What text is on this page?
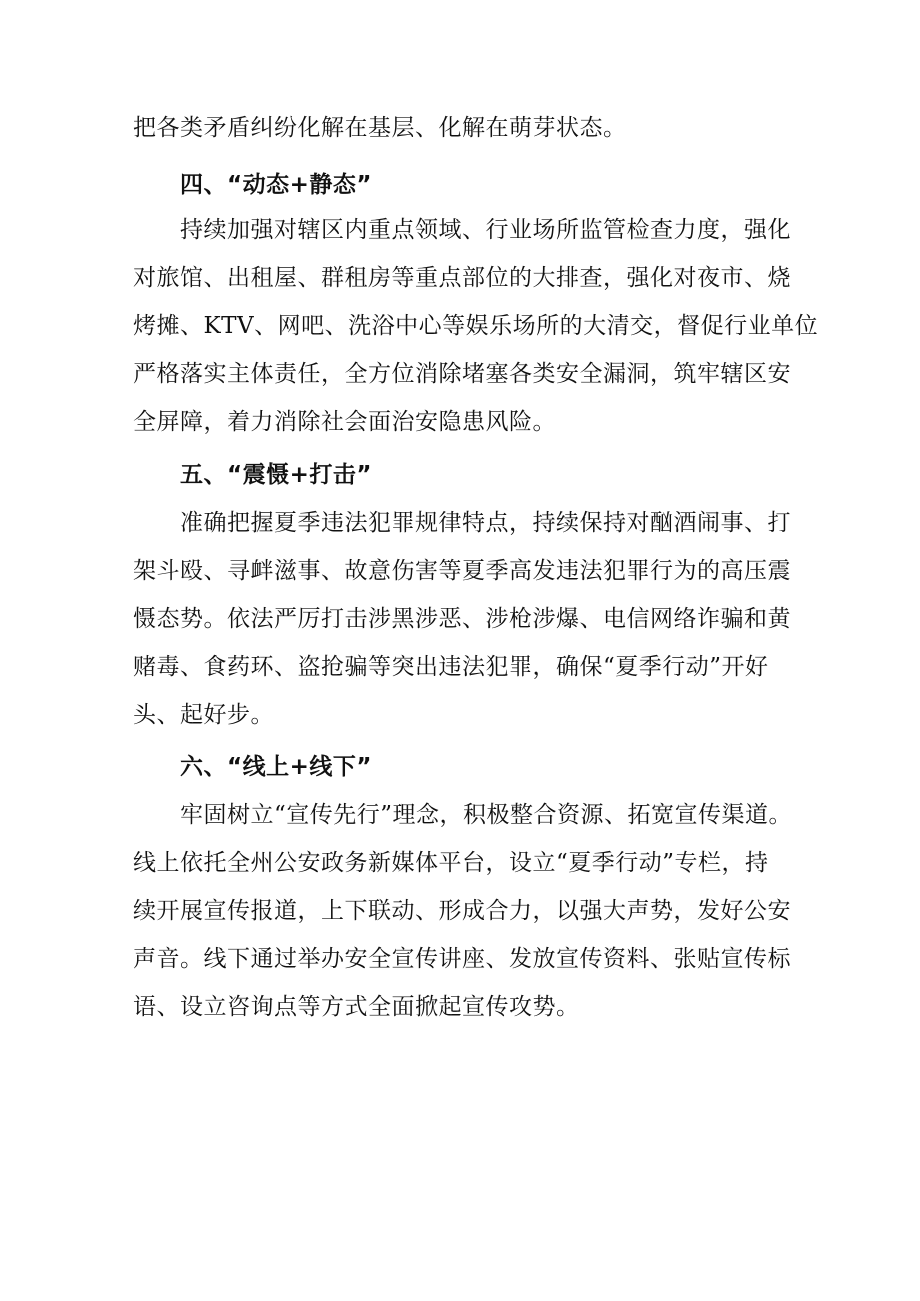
把各类矛盾纠纷化解在基层、化解在萌芽状态。
四、“动态+静态”
持续加强对辖区内重点领域、行业场所监管检查力度，强化
对旅馆、出租屋、群租房等重点部位的大排查，强化对夜市、烧
烤摊、KTV、网吧、洗浴中心等娱乐场所的大清交，督促行业单位
严格落实主体责任，全方位消除堵塞各类安全漏洞，筑牢辖区安
全屏障，着力消除社会面治安隐患风险。
五、“震慑+打击”
准确把握夏季违法犯罪规律特点，持续保持对酗酒闹事、打
架斗殴、寻衅滋事、故意伤害等夏季高发违法犯罪行为的高压震
慑态势。依法严厉打击涉黑涉恶、涉枪涉爆、电信网络诈骗和黄
赌毒、食药环、盗抢骗等突出违法犯罪，确保“夏季行动”开好
头、起好步。
六、“线上+线下”
牢固树立“宣传先行”理念，积极整合资源、拓宽宣传渠道。
线上依托全州公安政务新媒体平台，设立“夏季行动”专栏，持
续开展宣传报道，上下联动、形成合力，以强大声势，发好公安
声音。线下通过举办安全宣传讲座、发放宣传资料、张贴宣传标
语、设立咨询点等方式全面掀起宣传攻势。
